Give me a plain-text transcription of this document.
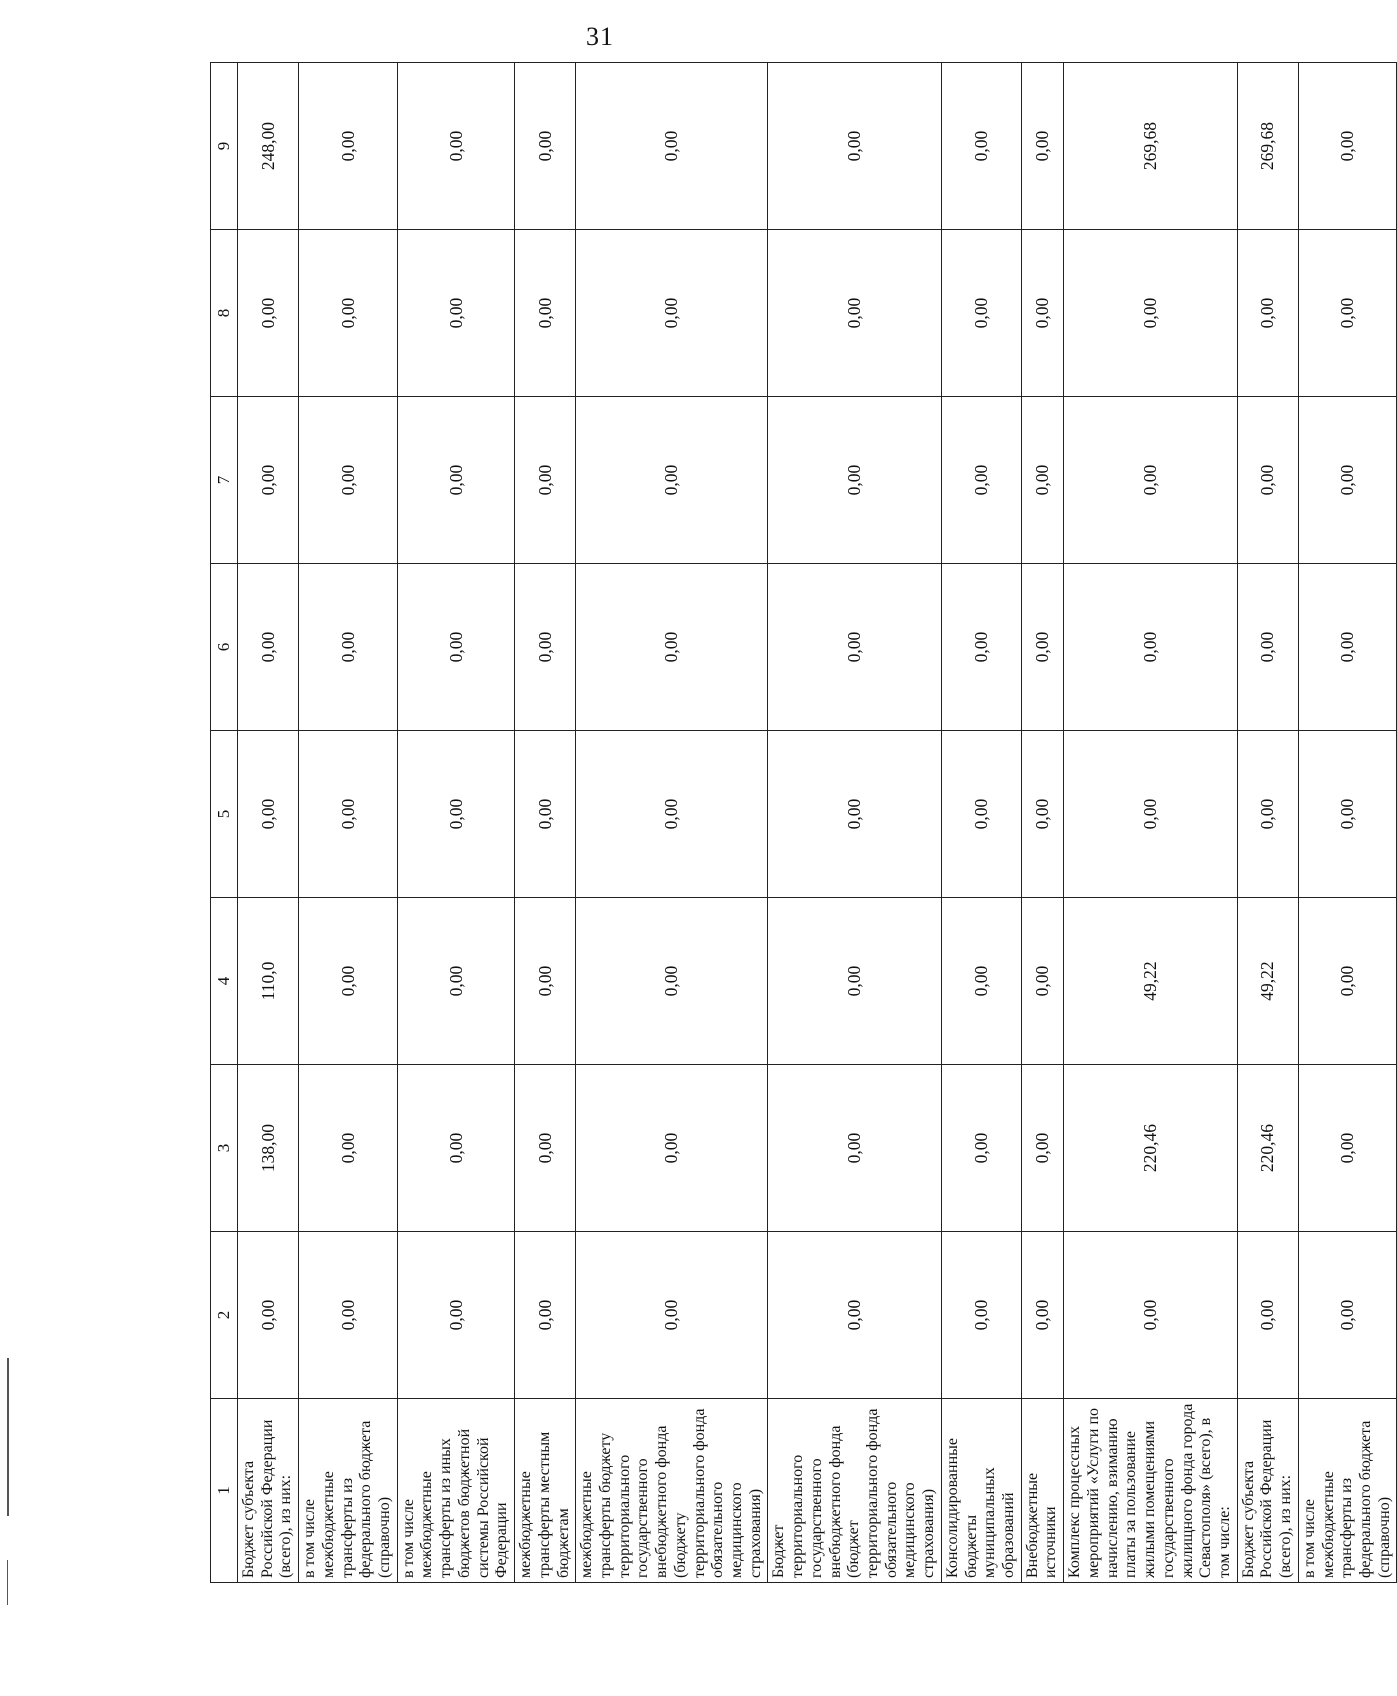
31
1	2	3	4	5	6	7	8	9
Бюджет субъекта Российской Федерации (всего), из них:	0,00	138,00	110,0	0,00	0,00	0,00	0,00	248,00
в том числе межбюджетные трансферты из федерального бюджета (справочно)	0,00	0,00	0,00	0,00	0,00	0,00	0,00	0,00
в том числе межбюджетные трансферты из иных бюджетов бюджетной системы Российской Федерации	0,00	0,00	0,00	0,00	0,00	0,00	0,00	0,00
межбюджетные трансферты местным бюджетам	0,00	0,00	0,00	0,00	0,00	0,00	0,00	0,00
межбюджетные трансферты бюджету территориального государственного внебюджетного фонда (бюджету территориального фонда обязательного медицинского страхования)	0,00	0,00	0,00	0,00	0,00	0,00	0,00	0,00
Бюджет территориального государственного внебюджетного фонда (бюджет территориального фонда обязательного медицинского страхования)	0,00	0,00	0,00	0,00	0,00	0,00	0,00	0,00
Консолидированные бюджеты муниципальных образований	0,00	0,00	0,00	0,00	0,00	0,00	0,00	0,00
Внебюджетные источники	0,00	0,00	0,00	0,00	0,00	0,00	0,00	0,00
Комплекс процессных мероприятий «Услуги по начислению, взиманию платы за пользование жилыми помещениями государственного жилищного фонда города Севастополя» (всего), в том числе:	0,00	220,46	49,22	0,00	0,00	0,00	0,00	269,68
Бюджет субъекта Российской Федерации (всего), из них:	0,00	220,46	49,22	0,00	0,00	0,00	0,00	269,68
в том числе межбюджетные трансферты из федерального бюджета (справочно)	0,00	0,00	0,00	0,00	0,00	0,00	0,00	0,00
